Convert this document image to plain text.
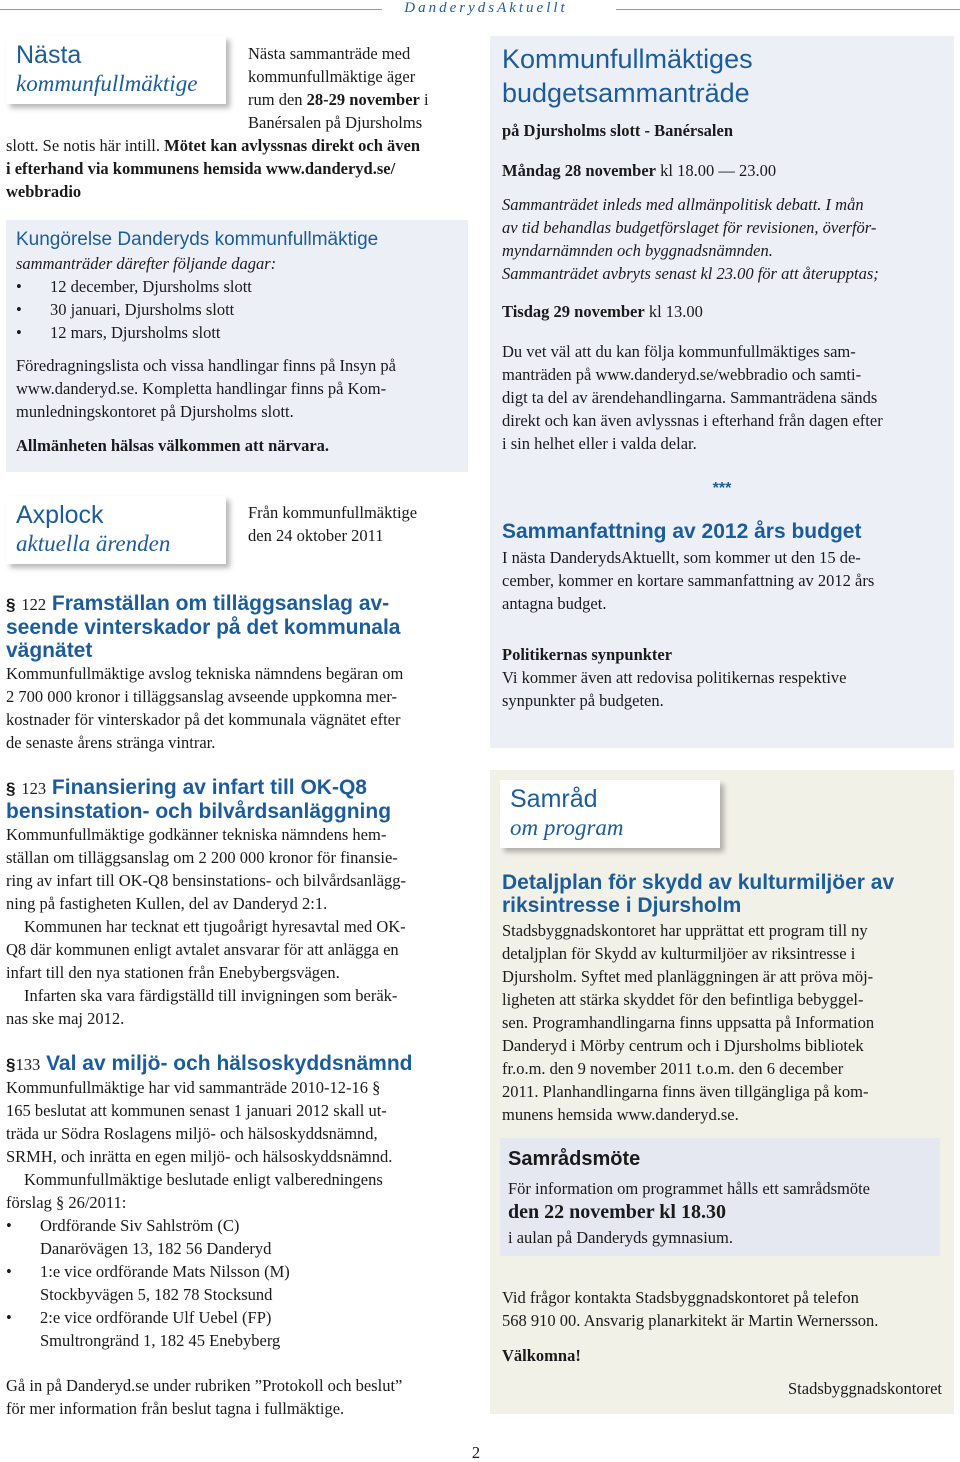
DanderydsAktuellt
Nästa
kommunfullmäktige
Nästa sammanträde med
kommunfullmäktige äger
rum den 28-29 november i
Banérsalen på Djursholms
slott. Se notis här intill. Mötet kan avlyssnas direkt och även
i efterhand via kommunens hemsida www.danderyd.se/
webbradio
Kungörelse Danderyds kommunfullmäktige
sammanträder därefter följande dagar:
• 12 december, Djursholms slott
• 30 januari, Djursholms slott
• 12 mars, Djursholms slott
Föredragningslista och vissa handlingar finns på Insyn på
www.danderyd.se. Kompletta handlingar finns på Kom-
munledningskontoret på Djursholms slott.
Allmänheten hälsas välkommen att närvara.
Axplock
aktuella ärenden
Från kommunfullmäktige
den 24 oktober 2011
§ 122 Framställan om tilläggsanslag av-
seende vinterskador på det kommunala
vägnätet
Kommunfullmäktige avslog tekniska nämndens begäran om
2 700 000 kronor i tilläggsanslag avseende uppkomna mer-
kostnader för vinterskador på det kommunala vägnätet efter
de senaste årens stränga vintrar.
§ 123 Finansiering av infart till OK-Q8
bensinstation- och bilvårdsanläggning
Kommunfullmäktige godkänner tekniska nämndens hem-
ställan om tilläggsanslag om 2 200 000 kronor för finansie-
ring av infart till OK-Q8 bensinstations- och bilvårdsanlägg-
ning på fastigheten Kullen, del av Danderyd 2:1.
Kommunen har tecknat ett tjugoårigt hyresavtal med OK-
Q8 där kommunen enligt avtalet ansvarar för att anlägga en
infart till den nya stationen från Enebybergsvägen.
Infarten ska vara färdigställd till invigningen som beräk-
nas ske maj 2012.
§133 Val av miljö- och hälsoskyddsnämnd
Kommunfullmäktige har vid sammanträde 2010-12-16 §
165 beslutat att kommunen senast 1 januari 2012 skall ut-
träda ur Södra Roslagens miljö- och hälsoskyddsnämnd,
SRMH, och inrätta en egen miljö- och hälsoskyddsnämnd.
Kommunfullmäktige beslutade enligt valberedningens
förslag § 26/2011:
• Ordförande Siv Sahlström (C)
Danarövägen 13, 182 56 Danderyd
• 1:e vice ordförande Mats Nilsson (M)
Stockbyvägen 5, 182 78 Stocksund
• 2:e vice ordförande Ulf Uebel (FP)
Smultrongränd 1, 182 45 Enebyberg
Gå in på Danderyd.se under rubriken ”Protokoll och beslut”
för mer information från beslut tagna i fullmäktige.
Kommunfullmäktiges
budgetsammanträde
på Djursholms slott - Banérsalen
Måndag 28 november kl 18.00 — 23.00
Sammanträdet inleds med allmänpolitisk debatt. I mån
av tid behandlas budgetförslaget för revisionen, överför-
myndarnämnden och byggnadsnämnden.
Sammanträdet avbryts senast kl 23.00 för att återupptas;
Tisdag 29 november kl 13.00
Du vet väl att du kan följa kommunfullmäktiges sam-
manträden på www.danderyd.se/webbradio och samti-
digt ta del av ärendehandlingarna. Sammanträdena sänds
direkt och kan även avlyssnas i efterhand från dagen efter
i sin helhet eller i valda delar.
***
Sammanfattning av 2012 års budget
I nästa DanderydsAktuellt, som kommer ut den 15 de-
cember, kommer en kortare sammanfattning av 2012 års
antagna budget.
Politikernas synpunkter
Vi kommer även att redovisa politikernas respektive
synpunkter på budgeten.
Samråd
om program
Detaljplan för skydd av kulturmiljöer av
riksintresse i Djursholm
Stadsbyggnadskontoret har upprättat ett program till ny
detaljplan för Skydd av kulturmiljöer av riksintresse i
Djursholm. Syftet med planläggningen är att pröva möj-
ligheten att stärka skyddet för den befintliga bebyggel-
sen. Programhandlingarna finns uppsatta på Information
Danderyd i Mörby centrum och i Djursholms bibliotek
fr.o.m. den 9 november 2011 t.o.m. den 6 december
2011. Planhandlingarna finns även tillgängliga på kom-
munens hemsida www.danderyd.se.
Samrådsmöte
För information om programmet hålls ett samrådsmöte
den 22 november kl 18.30
i aulan på Danderyds gymnasium.
Vid frågor kontakta Stadsbyggnadskontoret på telefon
568 910 00. Ansvarig planarkitekt är Martin Wernersson.
Välkomna!
Stadsbyggnadskontoret
2
